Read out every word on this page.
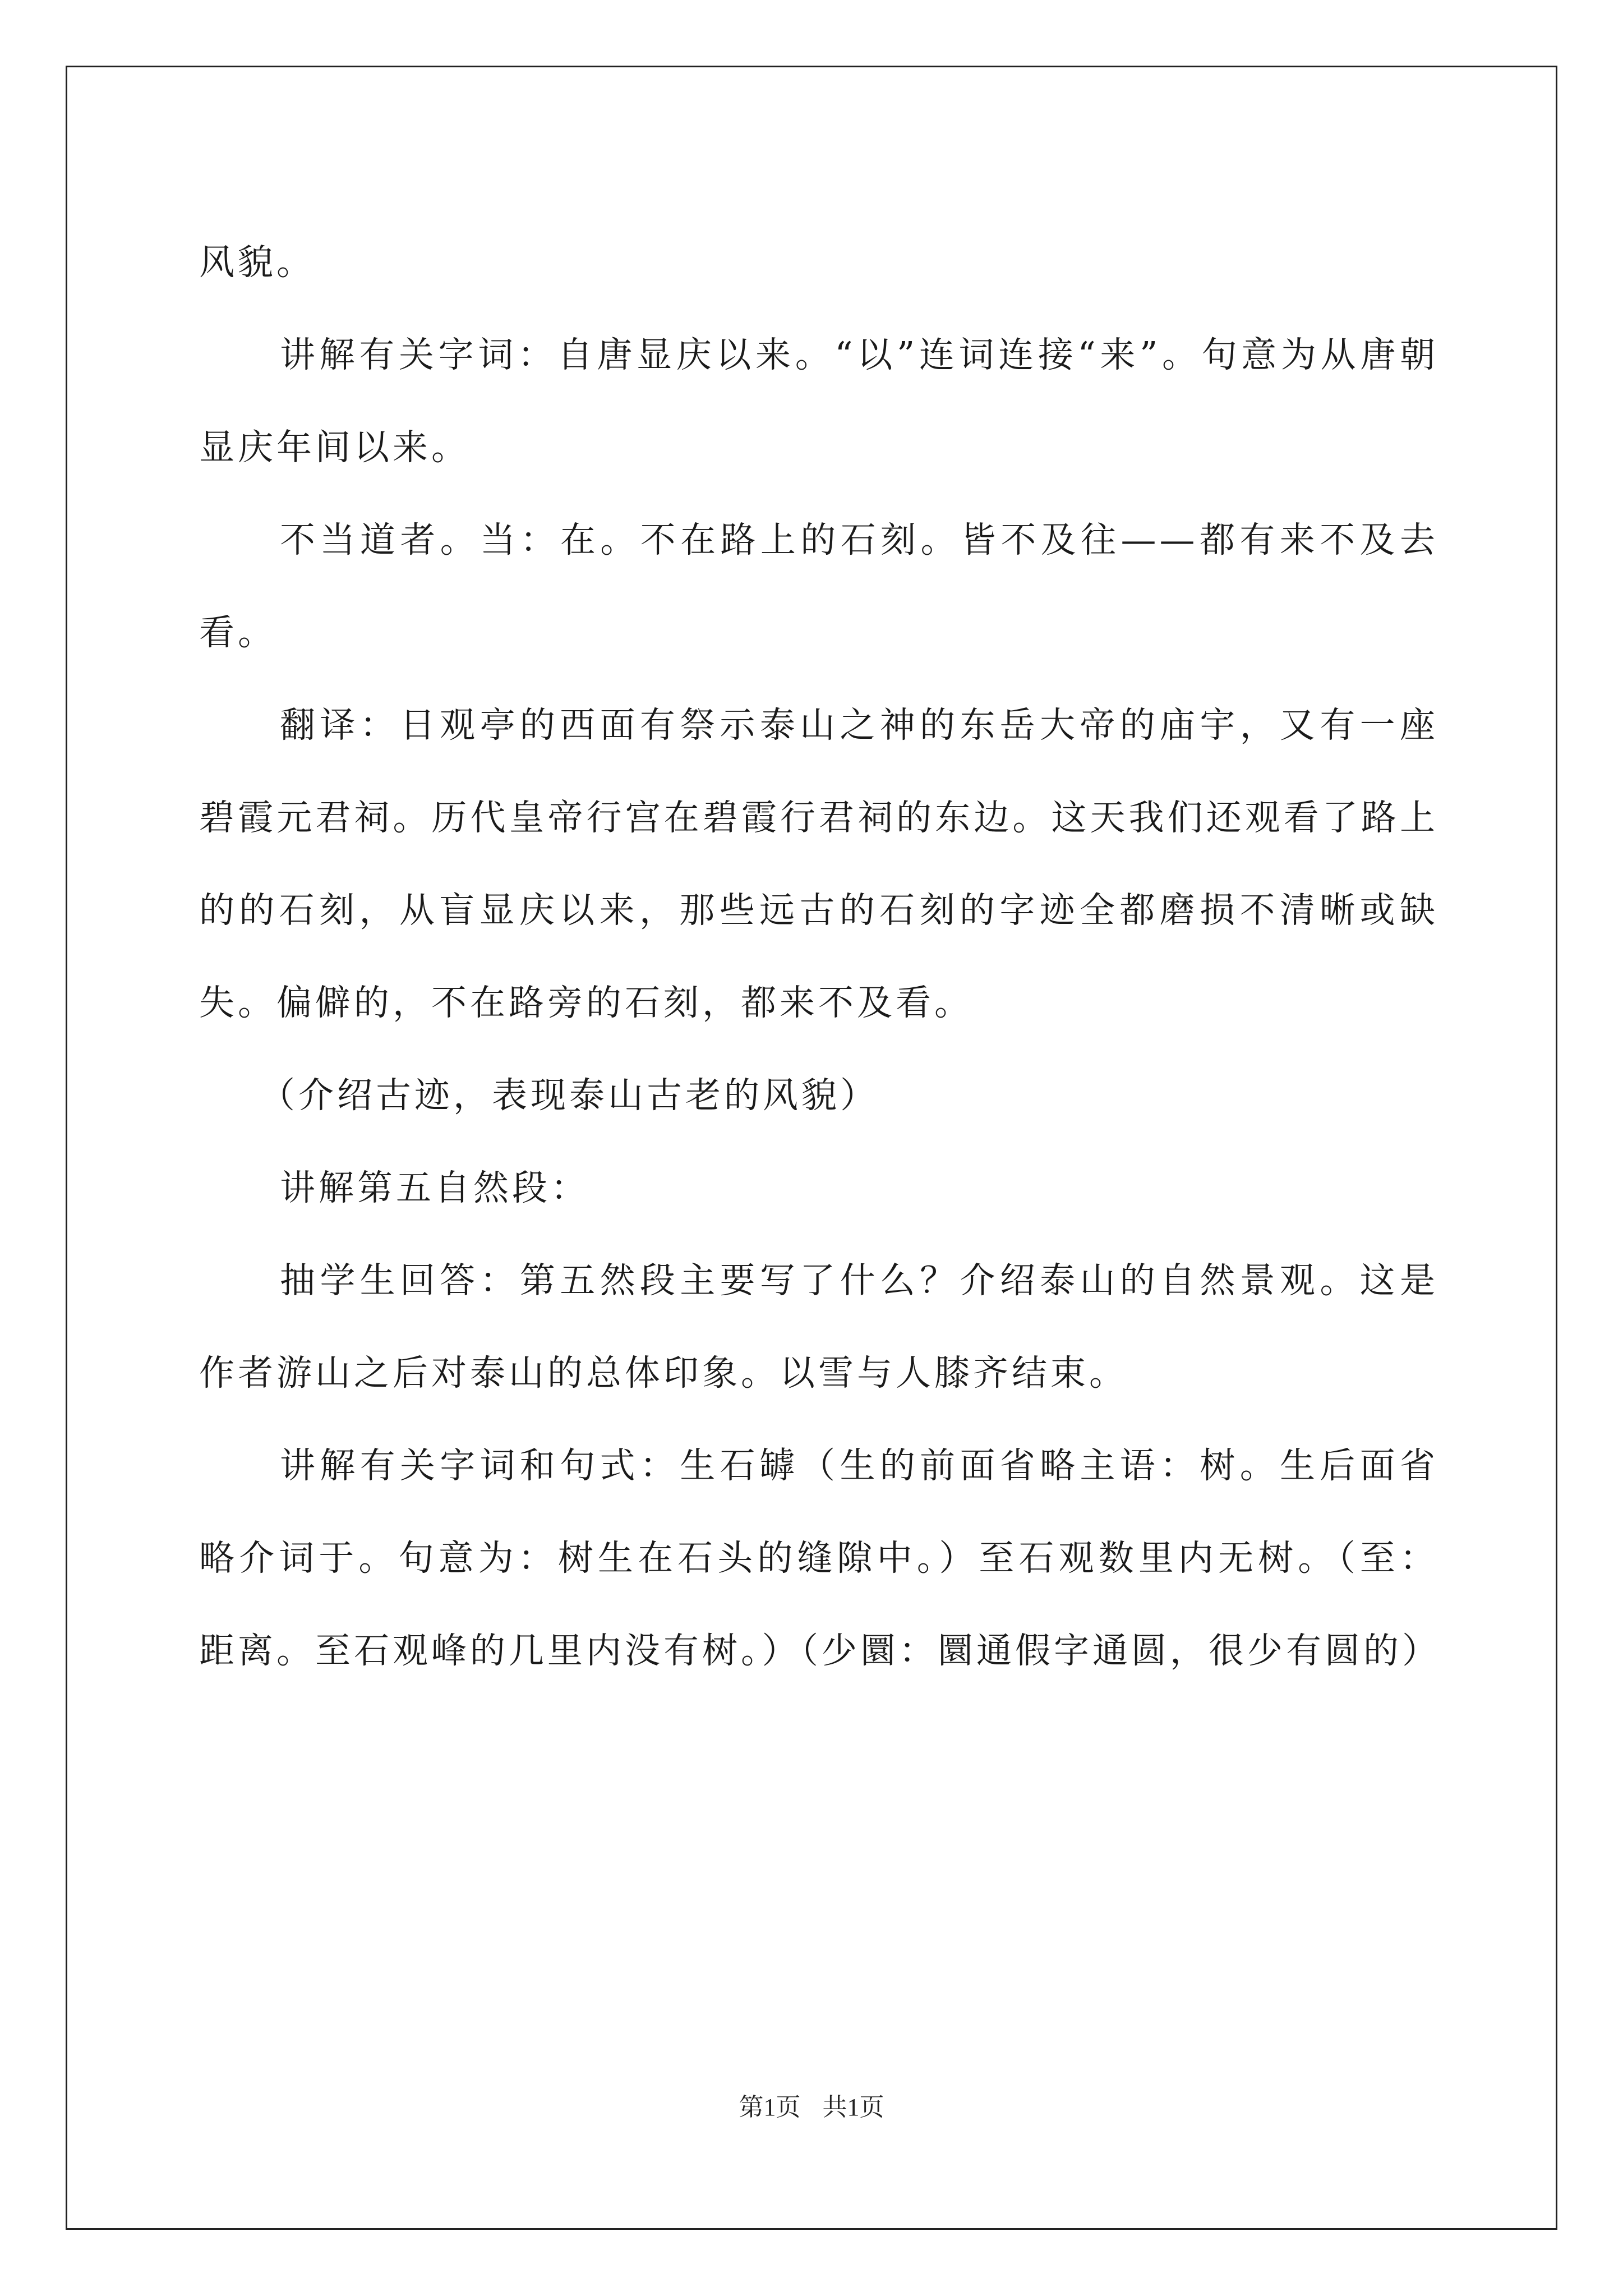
风貌。

讲解有关字词：自唐显庆以来。“以”连词连接“来”。句意为从唐朝显庆年间以来。

不当道者。当：在。不在路上的石刻。皆不及往——都有来不及去看。

翻译：日观亭的西面有祭示泰山之神的东岳大帝的庙宇，又有一座碧霞元君祠。历代皇帝行宫在碧霞行君祠的东边。这天我们还观看了路上的的石刻，从盲显庆以来，那些远古的石刻的字迹全都磨损不清晰或缺失。偏僻的，不在路旁的石刻，都来不及看。

（介绍古迹，表现泰山古老的风貌）

讲解第五自然段：

抽学生回答：第五然段主要写了什么？介绍泰山的自然景观。这是作者游山之后对泰山的总体印象。以雪与人膝齐结束。

讲解有关字词和句式：生石罅（生的前面省略主语：树。生后面省略介词于。句意为：树生在石头的缝隙中。）至石观数里内无树。（至：距离。至石观峰的几里内没有树。）（少圜：圜通假字通圆，很少有圆的）

第1页 共1页
